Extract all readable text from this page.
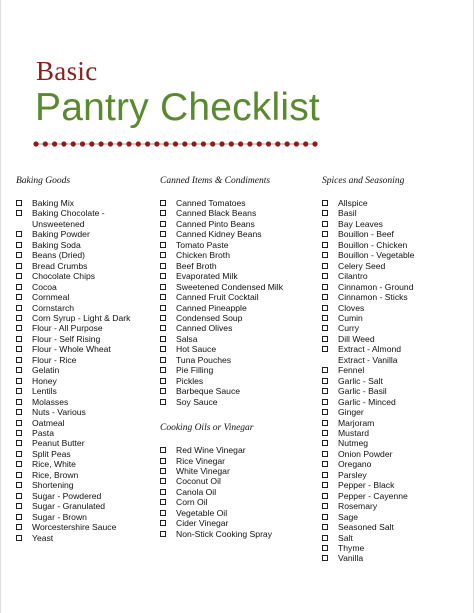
Basic
Pantry Checklist
Baking Goods
Baking Mix
Baking Chocolate -
Unsweetened
Baking Powder
Baking Soda
Beans (Dried)
Bread Crumbs
Chocolate Chips
Cocoa
Cornmeal
Cornstarch
Corn Syrup - Light & Dark
Flour - All Purpose
Flour - Self Rising
Flour - Whole Wheat
Flour - Rice
Gelatin
Honey
Lentils
Molasses
Nuts - Various
Oatmeal
Pasta
Peanut Butter
Split Peas
Rice, White
Rice, Brown
Shortening
Sugar - Powdered
Sugar - Granulated
Sugar - Brown
Worcestershire Sauce
Yeast
Canned Items & Condiments
Canned Tomatoes
Canned Black Beans
Canned Pinto Beans
Canned Kidney Beans
Tomato Paste
Chicken Broth
Beef Broth
Evaporated Milk
Sweetened Condensed Milk
Canned Fruit Cocktail
Canned Pineapple
Condensed Soup
Canned Olives
Salsa
Hot Sauce
Tuna Pouches
Pie Filling
Pickles
Barbeque Sauce
Soy Sauce
Cooking Oils or Vinegar
Red Wine Vinegar
Rice Vinegar
White Vinegar
Coconut Oil
Canola Oil
Corn Oil
Vegetable Oil
Cider Vinegar
Non-Stick Cooking Spray
Spices and Seasoning
Allspice
Basil
Bay Leaves
Bouillon - Beef
Bouillon - Chicken
Bouillon - Vegetable
Celery Seed
Cilantro
Cinnamon - Ground
Cinnamon - Sticks
Cloves
Cumin
Curry
Dill Weed
Extract - Almond
Extract - Vanilla
Fennel
Garlic - Salt
Garlic - Basil
Garlic - Minced
Ginger
Marjoram
Mustard
Nutmeg
Onion Powder
Oregano
Parsley
Pepper - Black
Pepper - Cayenne
Rosemary
Sage
Seasoned Salt
Salt
Thyme
Vanilla
